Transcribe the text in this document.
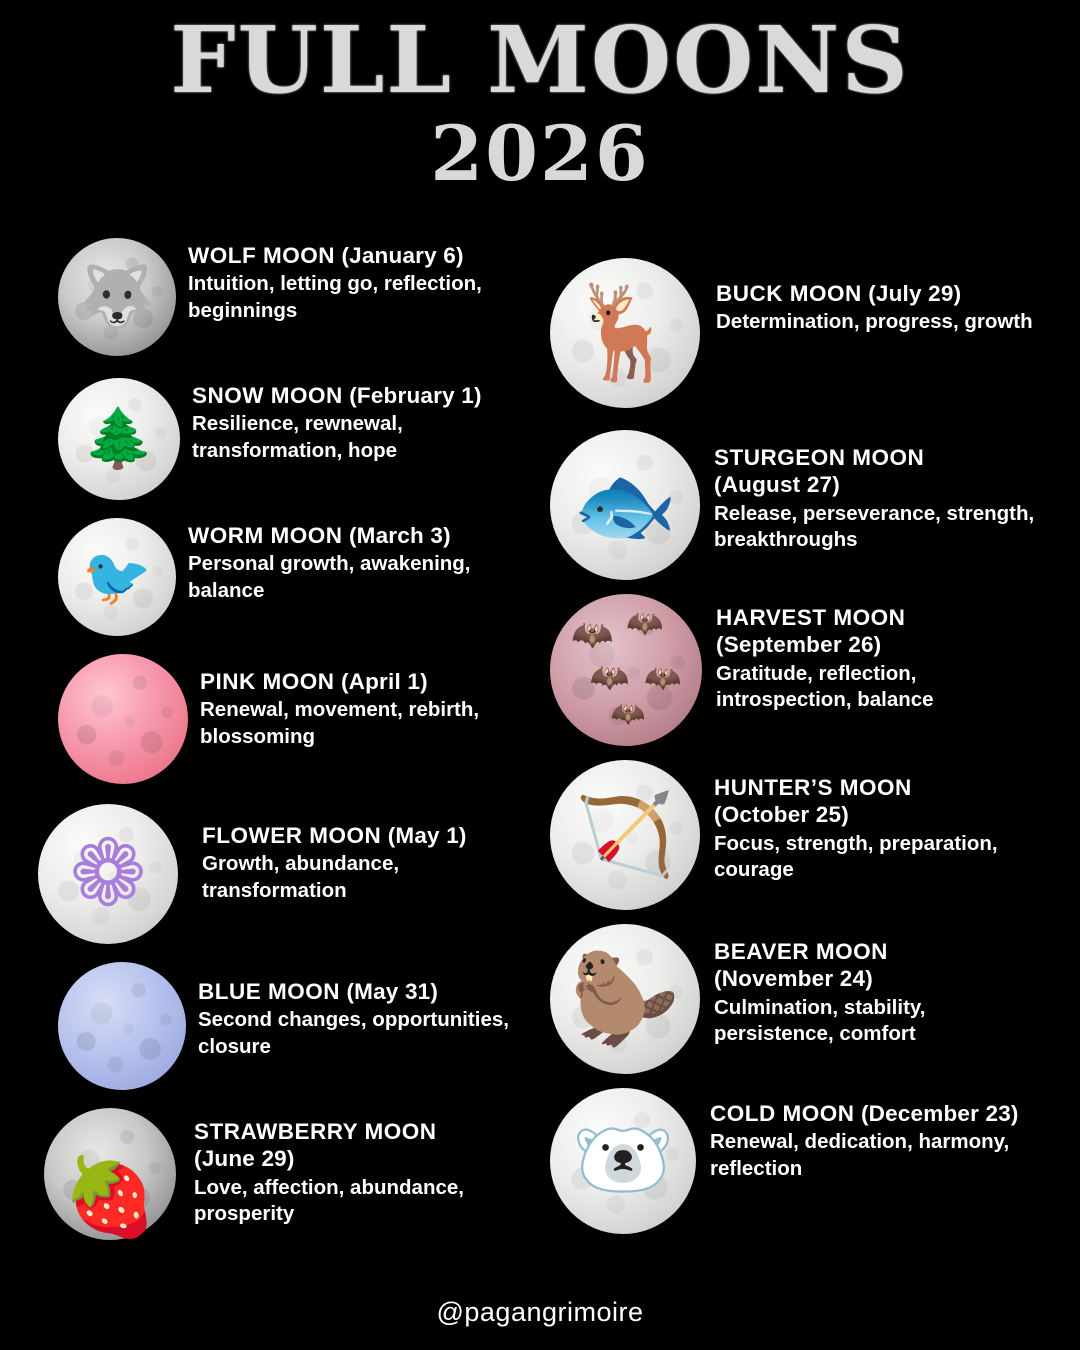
FULL MOONS
2026
🐺
WOLF MOON (January 6)
Intuition, letting go, reflection, beginnings
🌲
SNOW MOON (February 1)
Resilience, rewnewal, transformation, hope
🐦
WORM MOON (March 3)
Personal growth, awakening, balance
PINK MOON (April 1)
Renewal, movement, rebirth, blossoming
❁	FLOWER MOON (May 1)
Growth, abundance, transformation
BLUE MOON (May 31)
Second changes, opportunities, closure
🍓
STRAWBERRY MOON
(June 29)
Love, affection, abundance, prosperity
🦌	BUCK MOON (July 29)
Determination, progress, growth
🐟
STURGEON MOON
(August 27)
Release, perseverance, strength, breakthroughs
🦇 🦇
🦇 🦇
🦇
HARVEST MOON
(September 26)
Gratitude, reflection, introspection, balance
🏹
HUNTER’S MOON
(October 25)
Focus, strength, preparation, courage
🦫	BEAVER MOON
(November 24)
Culmination, stability, persistence, comfort
🐻‍❄️
COLD MOON (December 23)
Renewal, dedication, harmony, reflection
@pagangrimoire
